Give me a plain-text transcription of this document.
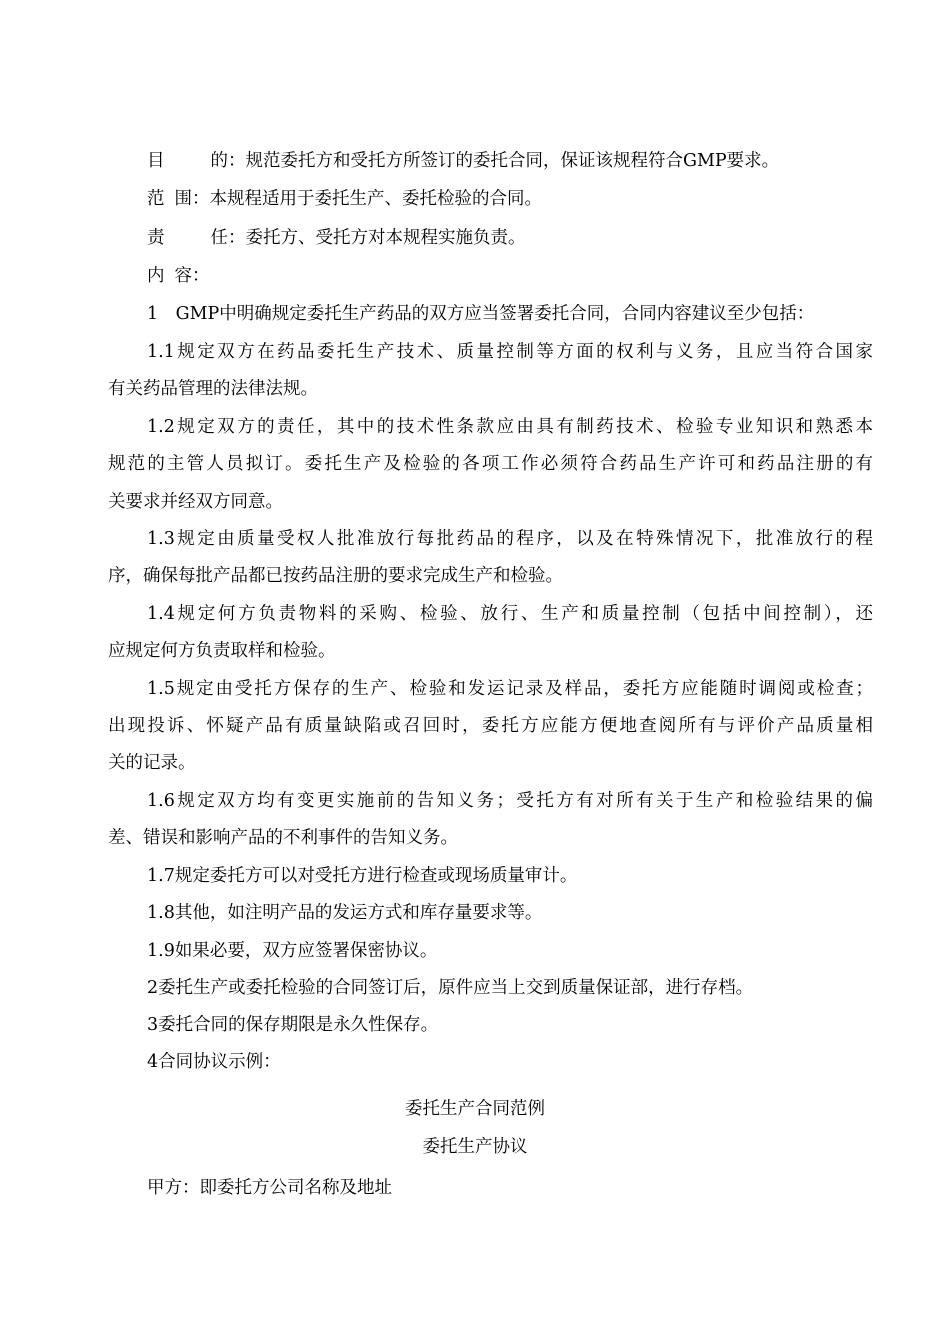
目	的：规范委托方和受托方所签订的委托合同，保证该规程符合GMP要求。
范 围：本规程适用于委托生产、委托检验的合同。
责	任：委托方、受托方对本规程实施负责。
内 容：
1　GMP中明确规定委托生产药品的双方应当签署委托合同，合同内容建议至少包括：
1.1规定双方在药品委托生产技术、质量控制等方面的权利与义务，且应当符合国家
有关药品管理的法律法规。
1.2规定双方的责任，其中的技术性条款应由具有制药技术、检验专业知识和熟悉本
规范的主管人员拟订。委托生产及检验的各项工作必须符合药品生产许可和药品注册的有
关要求并经双方同意。
1.3规定由质量受权人批准放行每批药品的程序，以及在特殊情况下，批准放行的程
序，确保每批产品都已按药品注册的要求完成生产和检验。
1.4规定何方负责物料的采购、检验、放行、生产和质量控制（包括中间控制），还
应规定何方负责取样和检验。
1.5规定由受托方保存的生产、检验和发运记录及样品，委托方应能随时调阅或检查；
出现投诉、怀疑产品有质量缺陷或召回时，委托方应能方便地查阅所有与评价产品质量相
关的记录。
1.6规定双方均有变更实施前的告知义务；受托方有对所有关于生产和检验结果的偏
差、错误和影响产品的不利事件的告知义务。
1.7规定委托方可以对受托方进行检查或现场质量审计。
1.8其他，如注明产品的发运方式和库存量要求等。
1.9如果必要，双方应签署保密协议。
2委托生产或委托检验的合同签订后，原件应当上交到质量保证部，进行存档。
3委托合同的保存期限是永久性保存。
4合同协议示例：
委托生产合同范例
委托生产协议
甲方：即委托方公司名称及地址
